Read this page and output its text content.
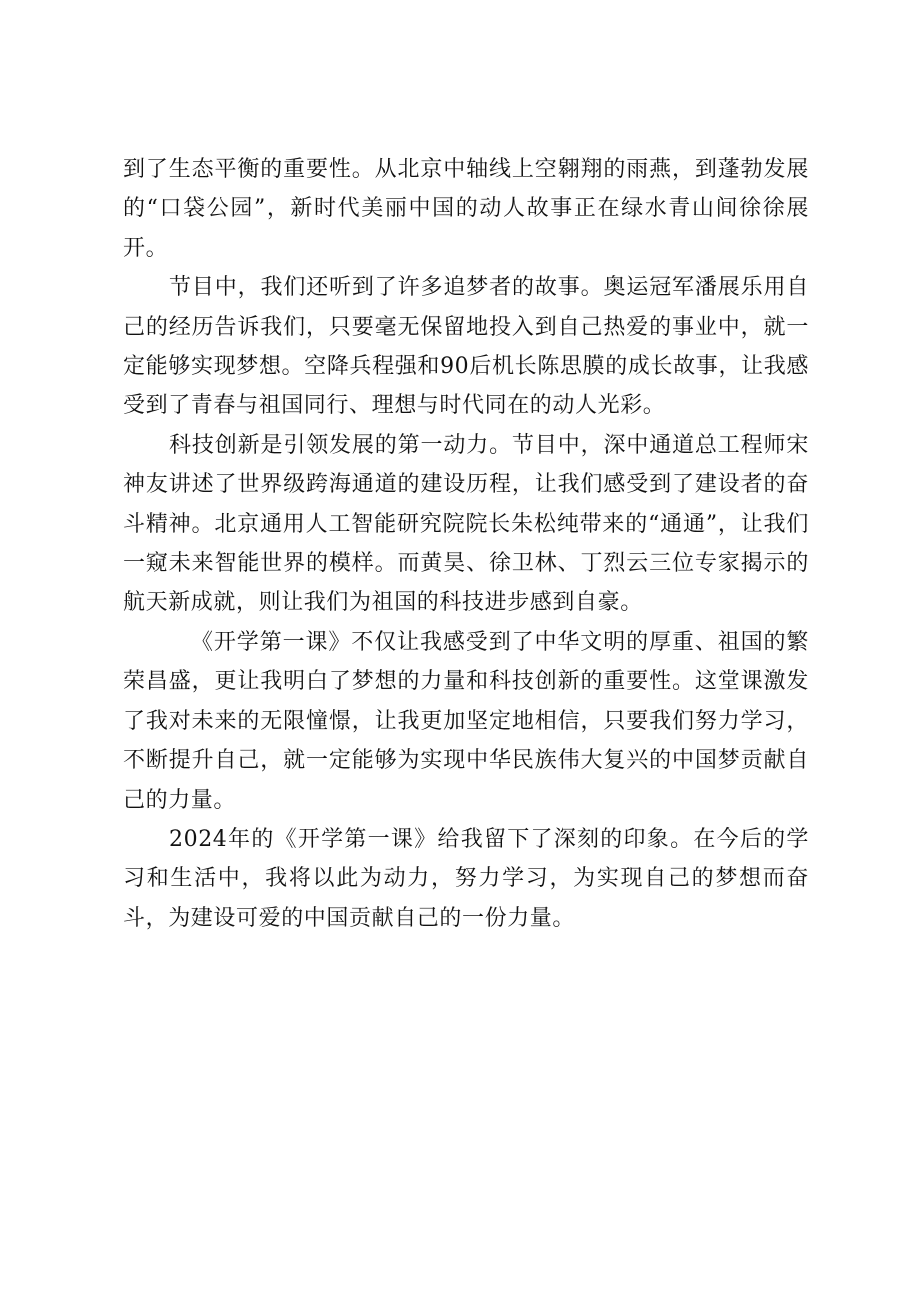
到了生态平衡的重要性。从北京中轴线上空翱翔的雨燕，到蓬勃发展的“口袋公园”，新时代美丽中国的动人故事正在绿水青山间徐徐展开。

节目中，我们还听到了许多追梦者的故事。奥运冠军潘展乐用自己的经历告诉我们，只要毫无保留地投入到自己热爱的事业中，就一定能够实现梦想。空降兵程强和90后机长陈思膜的成长故事，让我感受到了青春与祖国同行、理想与时代同在的动人光彩。

科技创新是引领发展的第一动力。节目中，深中通道总工程师宋神友讲述了世界级跨海通道的建设历程，让我们感受到了建设者的奋斗精神。北京通用人工智能研究院院长朱松纯带来的“通通”，让我们一窥未来智能世界的模样。而黄昊、徐卫林、丁烈云三位专家揭示的航天新成就，则让我们为祖国的科技进步感到自豪。

《开学第一课》不仅让我感受到了中华文明的厚重、祖国的繁荣昌盛，更让我明白了梦想的力量和科技创新的重要性。这堂课激发了我对未来的无限憧憬，让我更加坚定地相信，只要我们努力学习，不断提升自己，就一定能够为实现中华民族伟大复兴的中国梦贡献自己的力量。

2024年的《开学第一课》给我留下了深刻的印象。在今后的学习和生活中，我将以此为动力，努力学习，为实现自己的梦想而奋斗，为建设可爱的中国贡献自己的一份力量。
